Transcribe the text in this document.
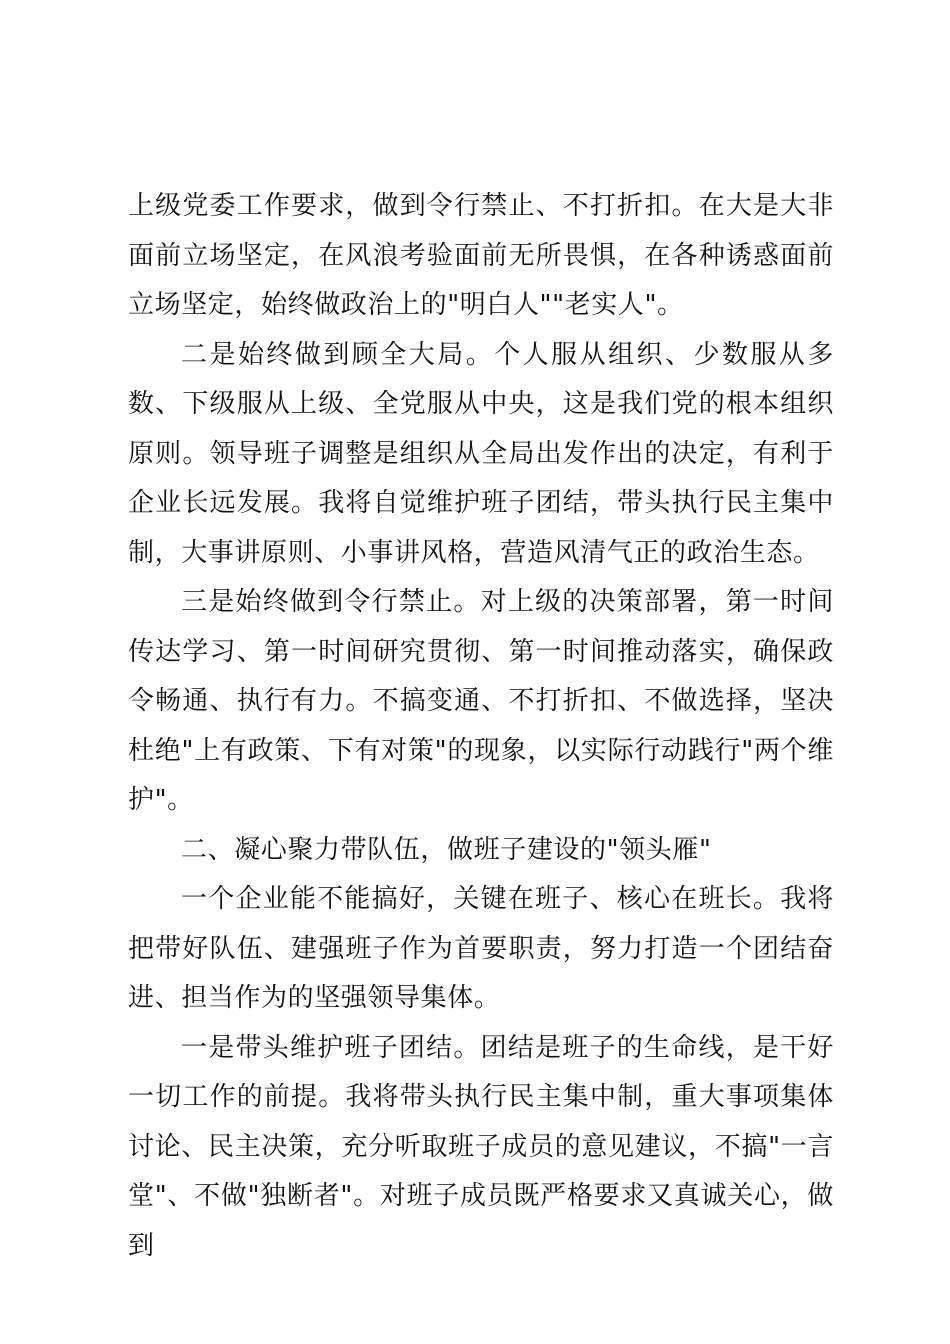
上级党委工作要求，做到令行禁止、不打折扣。在大是大非面前立场坚定，在风浪考验面前无所畏惧，在各种诱惑面前立场坚定，始终做政治上的"明白人""老实人"。

二是始终做到顾全大局。个人服从组织、少数服从多数、下级服从上级、全党服从中央，这是我们党的根本组织原则。领导班子调整是组织从全局出发作出的决定，有利于企业长远发展。我将自觉维护班子团结，带头执行民主集中制，大事讲原则、小事讲风格，营造风清气正的政治生态。

三是始终做到令行禁止。对上级的决策部署，第一时间传达学习、第一时间研究贯彻、第一时间推动落实，确保政令畅通、执行有力。不搞变通、不打折扣、不做选择，坚决杜绝"上有政策、下有对策"的现象，以实际行动践行"两个维护"。

二、凝心聚力带队伍，做班子建设的"领头雁"

一个企业能不能搞好，关键在班子、核心在班长。我将把带好队伍、建强班子作为首要职责，努力打造一个团结奋进、担当作为的坚强领导集体。

一是带头维护班子团结。团结是班子的生命线，是干好一切工作的前提。我将带头执行民主集中制，重大事项集体讨论、民主决策，充分听取班子成员的意见建议，不搞"一言堂"、不做"独断者"。对班子成员既严格要求又真诚关心，做到
